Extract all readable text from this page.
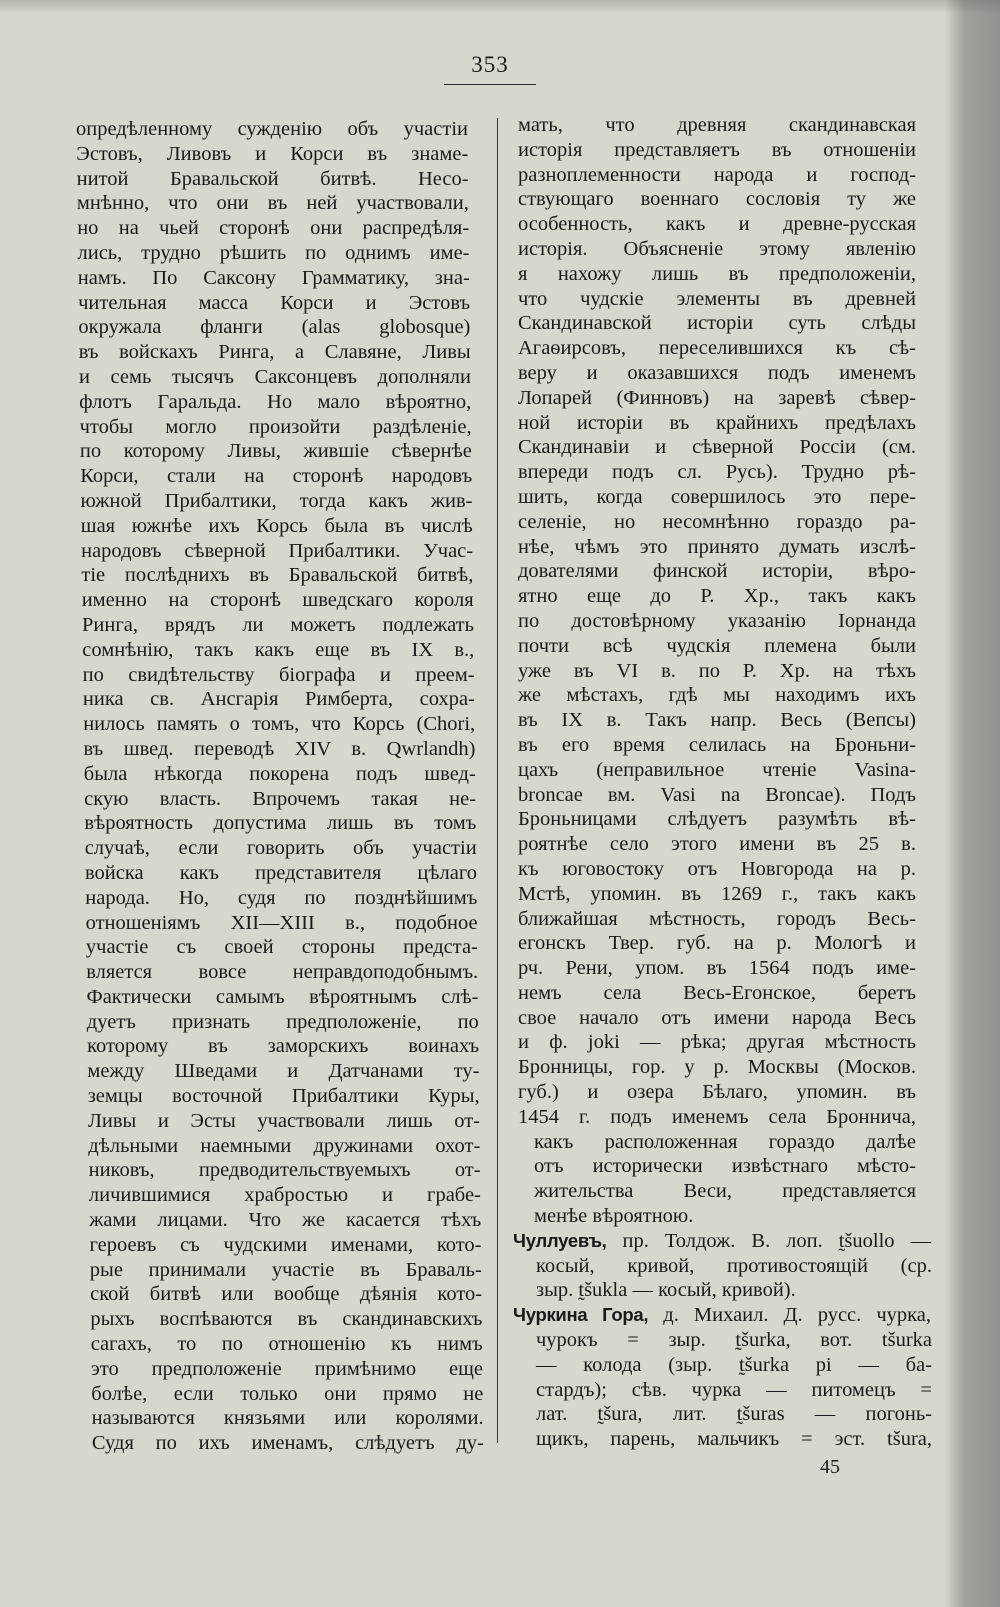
353
опредѣленному сужденію объ участіи
Эстовъ, Ливовъ и Корси въ знаме-
нитой Бравальской битвѣ. Несо-
мнѣнно, что они въ ней участвовали,
но на чьей сторонѣ они распредѣля-
лись, трудно рѣшить по однимъ име-
намъ. По Саксону Грамматику, зна-
чительная масса Корси и Эстовъ
окружала фланги (alas globosque)
въ войскахъ Ринга, а Славяне, Ливы
и семь тысячъ Саксонцевъ дополняли
флотъ Гаральда. Но мало вѣроятно,
чтобы могло произойти раздѣленіе,
по которому Ливы, жившіе сѣвернѣе
Корси, стали на сторонѣ народовъ
южной Прибалтики, тогда какъ жив-
шая южнѣе ихъ Корсь была въ числѣ
народовъ сѣверной Прибалтики. Учас-
тіе послѣднихъ въ Бравальской битвѣ,
именно на сторонѣ шведскаго короля
Ринга, врядъ ли можетъ подлежать
сомнѣнію, такъ какъ еще въ IX в.,
по свидѣтельству біографа и преем-
ника св. Ансгарія Римберта, сохра-
нилось память о томъ, что Корсь (Chori,
въ швед. переводѣ XIV в. Qwrlandh)
была нѣкогда покорена подъ швед-
скую власть. Впрочемъ такая не-
вѣроятность допустима лишь въ томъ
случаѣ, если говорить объ участіи
войска какъ представителя цѣлаго
народа. Но, судя по позднѣйшимъ
отношеніямъ XII—XIII в., подобное
участіе съ своей стороны предста-
вляется вовсе неправдоподобнымъ.
Фактически самымъ вѣроятнымъ слѣ-
дуетъ признать предположеніе, по
которому въ заморскихъ воинахъ
между Шведами и Датчанами ту-
земцы восточной Прибалтики Куры,
Ливы и Эсты участвовали лишь от-
дѣльными наемными дружинами охот-
никовъ, предводительствуемыхъ от-
личившимися храбростью и грабе-
жами лицами. Что же касается тѣхъ
героевъ съ чудскими именами, кото-
рые принимали участіе въ Браваль-
ской битвѣ или вообще дѣянія кото-
рыхъ воспѣваются въ скандинавскихъ
сагахъ, то по отношенію къ нимъ
это предположеніе примѣнимо еще
болѣе, если только они прямо не
называются князьями или королями.
Судя по ихъ именамъ, слѣдуетъ ду-
мать, что древняя скандинавская
исторія представляетъ въ отношеніи
разноплеменности народа и господ-
ствующаго военнаго сословія ту же
особенность, какъ и древне-русская
исторія. Объясненіе этому явленію
я нахожу лишь въ предположеніи,
что чудскіе элементы въ древней
Скандинавской исторіи суть слѣды
Агаѳирсовъ, переселившихся къ сѣ-
веру и оказавшихся подъ именемъ
Лопарей (Финновъ) на заревѣ сѣвер-
ной исторіи въ крайнихъ предѣлахъ
Скандинавіи и сѣверной Россіи (см.
впереди подъ сл. Русь). Трудно рѣ-
шить, когда совершилось это пере-
селеніе, но несомнѣнно гораздо ра-
нѣе, чѣмъ это принято думать изслѣ-
дователями финской исторіи, вѣро-
ятно еще до Р. Хр., такъ какъ
по достовѣрному указанію Іорнанда
почти всѣ чудскія племена были
уже въ VI в. по Р. Хр. на тѣхъ
же мѣстахъ, гдѣ мы находимъ ихъ
въ IX в. Такъ напр. Весь (Вепсы)
въ его время селилась на Броньни-
цахъ (неправильное чтеніе Vasina-
broncae вм. Vasi na Broncae). Подъ
Броньницами слѣдуетъ разумѣть вѣ-
роятнѣе село этого имени въ 25 в.
къ юговостоку отъ Новгорода на р.
Мстѣ, упомин. въ 1269 г., такъ какъ
ближайшая мѣстность, городъ Весь-
егонскъ Твер. губ. на р. Мологѣ и
рч. Рени, упом. въ 1564 подъ име-
немъ села Весь-Егонское, беретъ
свое начало отъ имени народа Весь
и ф. joki — рѣка; другая мѣстность
Бронницы, гор. у р. Москвы (Москов.
губ.) и озера Бѣлаго, упомин. въ
1454 г. подъ именемъ села Броннича,
какъ расположенная гораздо далѣе
отъ исторически извѣстнаго мѣсто-
жительства Веси, представляется
менѣе вѣроятною.
Чуллуевъ, пр. Толдож. В. лоп. t̰šuollo —
косый, кривой, противостоящій (ср.
зыр. t̰šukla — косый, кривой).
Чуркина Гора, д. Михаил. Д. русс. чурка,
чурокъ = зыр. t̰šurka, вот. tšurka
— колода (зыр. t̰šurka pi — ба-
стардъ); сѣв. чурка — питомецъ =
лат. t̰šura, лит. t̰šuras — погонь-
щикъ, парень, мальчикъ = эст. tšura,
45
